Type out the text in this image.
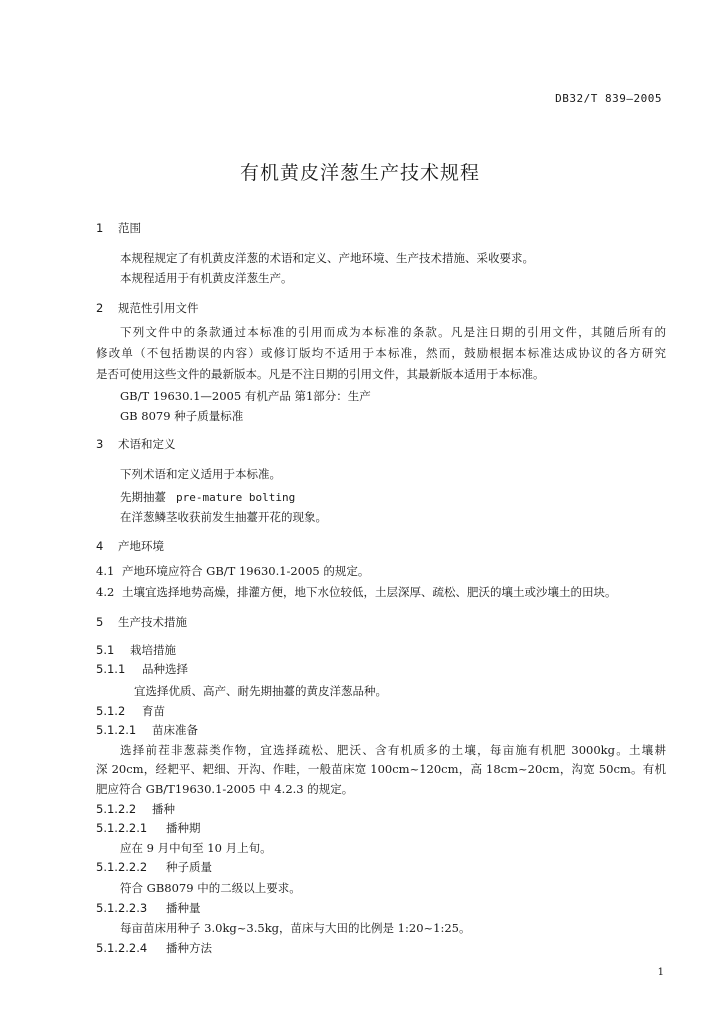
DB32/T 839—2005
有机黄皮洋葱生产技术规程
1 范围
本规程规定了有机黄皮洋葱的术语和定义、产地环境、生产技术措施、采收要求。
本规程适用于有机黄皮洋葱生产。
2 规范性引用文件
下列文件中的条款通过本标准的引用而成为本标准的条款。凡是注日期的引用文件，其随后所有的
修改单（不包括勘误的内容）或修订版均不适用于本标准，然而，鼓励根据本标准达成协议的各方研究
是否可使用这些文件的最新版本。凡是不注日期的引用文件，其最新版本适用于本标准。
GB/T 19630.1—2005 有机产品 第1部分：生产
GB 8079 种子质量标准
3 术语和定义
下列术语和定义适用于本标准。
先期抽薹 pre-mature bolting
在洋葱鳞茎收获前发生抽薹开花的现象。
4 产地环境
4.1 产地环境应符合 GB/T 19630.1-2005 的规定。
4.2 土壤宜选择地势高燥，排灌方便，地下水位较低，土层深厚、疏松、肥沃的壤土或沙壤土的田块。
5 生产技术措施
5.1 栽培措施
5.1.1 品种选择
宜选择优质、高产、耐先期抽薹的黄皮洋葱品种。
5.1.2 育苗
5.1.2.1 苗床准备
选择前茬非葱蒜类作物，宜选择疏松、肥沃、含有机质多的土壤，每亩施有机肥 3000kg。土壤耕
深 20cm，经耙平、耙细、开沟、作畦，一般苗床宽 100cm~120cm，高 18cm~20cm，沟宽 50cm。有机
肥应符合 GB/T19630.1-2005 中 4.2.3 的规定。
5.1.2.2 播种
5.1.2.2.1 播种期
应在 9 月中旬至 10 月上旬。
5.1.2.2.2 种子质量
符合 GB8079 中的二级以上要求。
5.1.2.2.3 播种量
每亩苗床用种子 3.0kg~3.5kg，苗床与大田的比例是 1:20~1:25。
5.1.2.2.4 播种方法
1
